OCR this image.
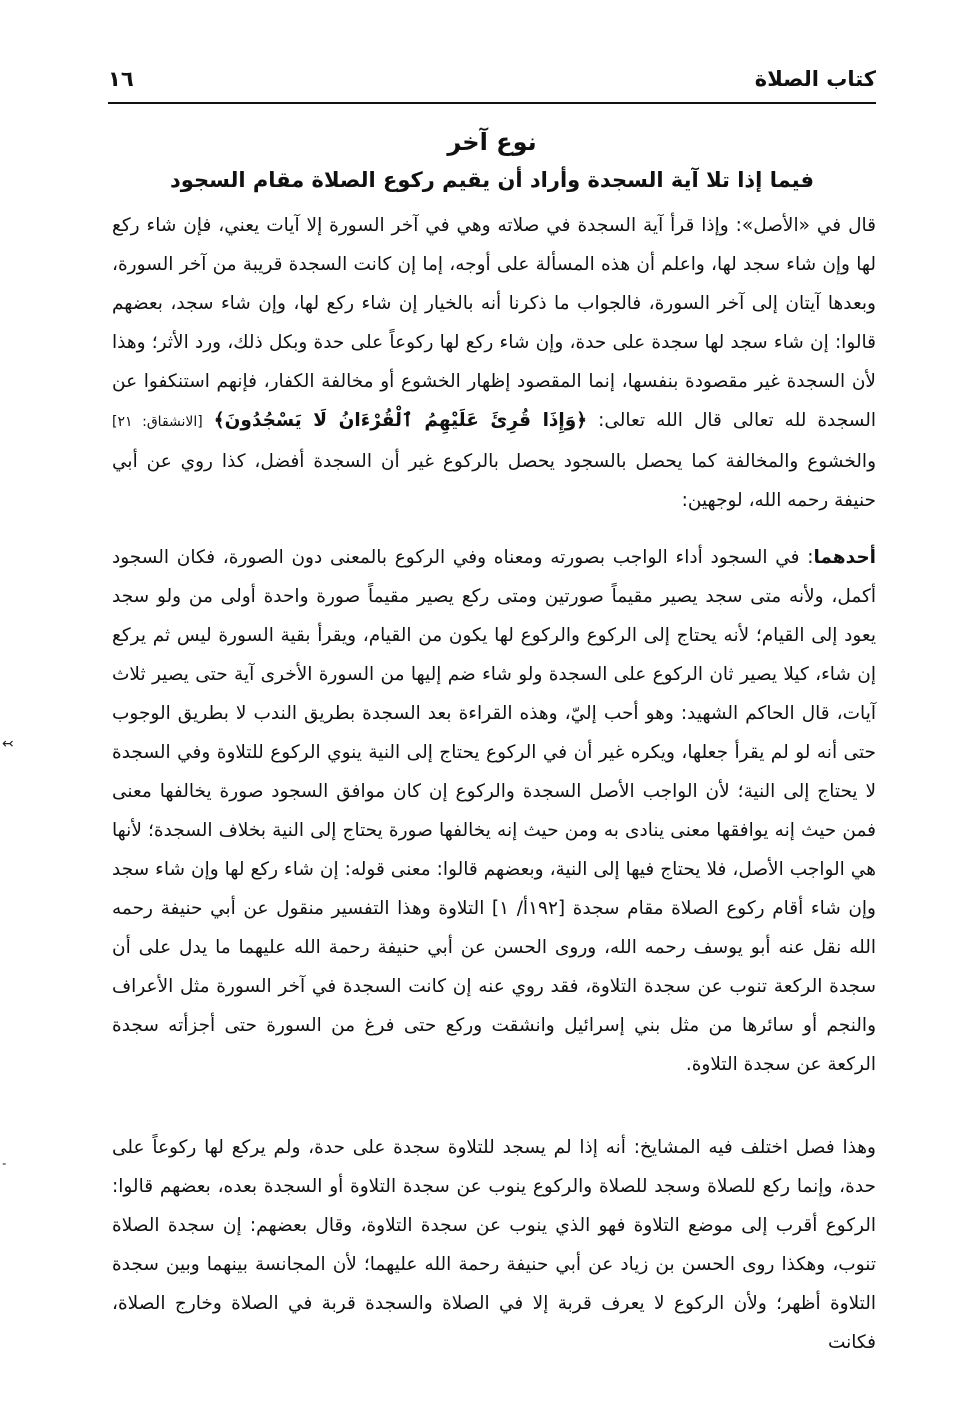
كتاب الصلاة
١٦
نوع آخر
فيما إذا تلا آية السجدة وأراد أن يقيم ركوع الصلاة مقام السجود

قال في «الأصل»: وإذا قرأ آية السجدة في صلاته وهي في آخر السورة إلا آيات يعني، فإن شاء ركع لها وإن شاء سجد لها، واعلم أن هذه المسألة على أوجه، إما إن كانت السجدة قريبة من آخر السورة، وبعدها آيتان إلى آخر السورة، فالجواب ما ذكرنا أنه بالخيار إن شاء ركع لها، وإن شاء سجد، بعضهم قالوا: إن شاء سجد لها سجدة على حدة، وإن شاء ركع لها ركوعاً على حدة وبكل ذلك، ورد الأثر؛ وهذا لأن السجدة غير مقصودة بنفسها، إنما المقصود إظهار الخشوع أو مخالفة الكفار، فإنهم استنكفوا عن السجدة لله تعالى قال الله تعالى: ﴿وَإِذَا قُرِئَ عَلَيْهِمُ ٱلْقُرْءَانُ لَا يَسْجُدُونَ﴾ [الانشقاق: ٢١] والخشوع والمخالفة كما يحصل بالسجود يحصل بالركوع غير أن السجدة أفضل، كذا روي عن أبي حنيفة رحمه الله، لوجهين:

أحدهما: في السجود أداء الواجب بصورته ومعناه وفي الركوع بالمعنى دون الصورة، فكان السجود أكمل، ولأنه متى سجد يصير مقيماً صورتين ومتى ركع يصير مقيماً صورة واحدة أولى من ولو سجد يعود إلى القيام؛ لأنه يحتاج إلى الركوع والركوع لها يكون من القيام، ويقرأ بقية السورة ليس ثم يركع إن شاء، كيلا يصير ثان الركوع على السجدة ولو شاء ضم إليها من السورة الأخرى آية حتى يصير ثلاث آيات، قال الحاكم الشهيد: وهو أحب إليّ، وهذه القراءة بعد السجدة بطريق الندب لا بطريق الوجوب حتى أنه لو لم يقرأ جعلها، ويكره غير أن في الركوع يحتاج إلى النية ينوي الركوع للتلاوة وفي السجدة لا يحتاج إلى النية؛ لأن الواجب الأصل السجدة والركوع إن كان موافق السجود صورة يخالفها معنى فمن حيث إنه يوافقها معنى ينادى به ومن حيث إنه يخالفها صورة يحتاج إلى النية بخلاف السجدة؛ لأنها هي الواجب الأصل، فلا يحتاج فيها إلى النية، وبعضهم قالوا: معنى قوله: إن شاء ركع لها وإن شاء سجد وإن شاء أقام ركوع الصلاة مقام سجدة [١٩٢أ/ ١] التلاوة وهذا التفسير منقول عن أبي حنيفة رحمه الله نقل عنه أبو يوسف رحمه الله، وروى الحسن عن أبي حنيفة رحمة الله عليهما ما يدل على أن سجدة الركعة تنوب عن سجدة التلاوة، فقد روي عنه إن كانت السجدة في آخر السورة مثل الأعراف والنجم أو سائرها من مثل بني إسرائيل وانشقت وركع حتى فرغ من السورة حتى أجزأته سجدة الركعة عن سجدة التلاوة.

وهذا فصل اختلف فيه المشايخ: أنه إذا لم يسجد للتلاوة سجدة على حدة، ولم يركع لها ركوعاً على حدة، وإنما ركع للصلاة وسجد للصلاة والركوع ينوب عن سجدة التلاوة أو السجدة بعده، بعضهم قالوا: الركوع أقرب إلى موضع التلاوة فهو الذي ينوب عن سجدة التلاوة، وقال بعضهم: إن سجدة الصلاة تنوب، وهكذا روى الحسن بن زياد عن أبي حنيفة رحمة الله عليهما؛ لأن المجانسة بينهما وبين سجدة التلاوة أظهر؛ ولأن الركوع لا يعرف قربة إلا في الصلاة والسجدة قربة في الصلاة وخارج الصلاة، فكانت

↢
˗
